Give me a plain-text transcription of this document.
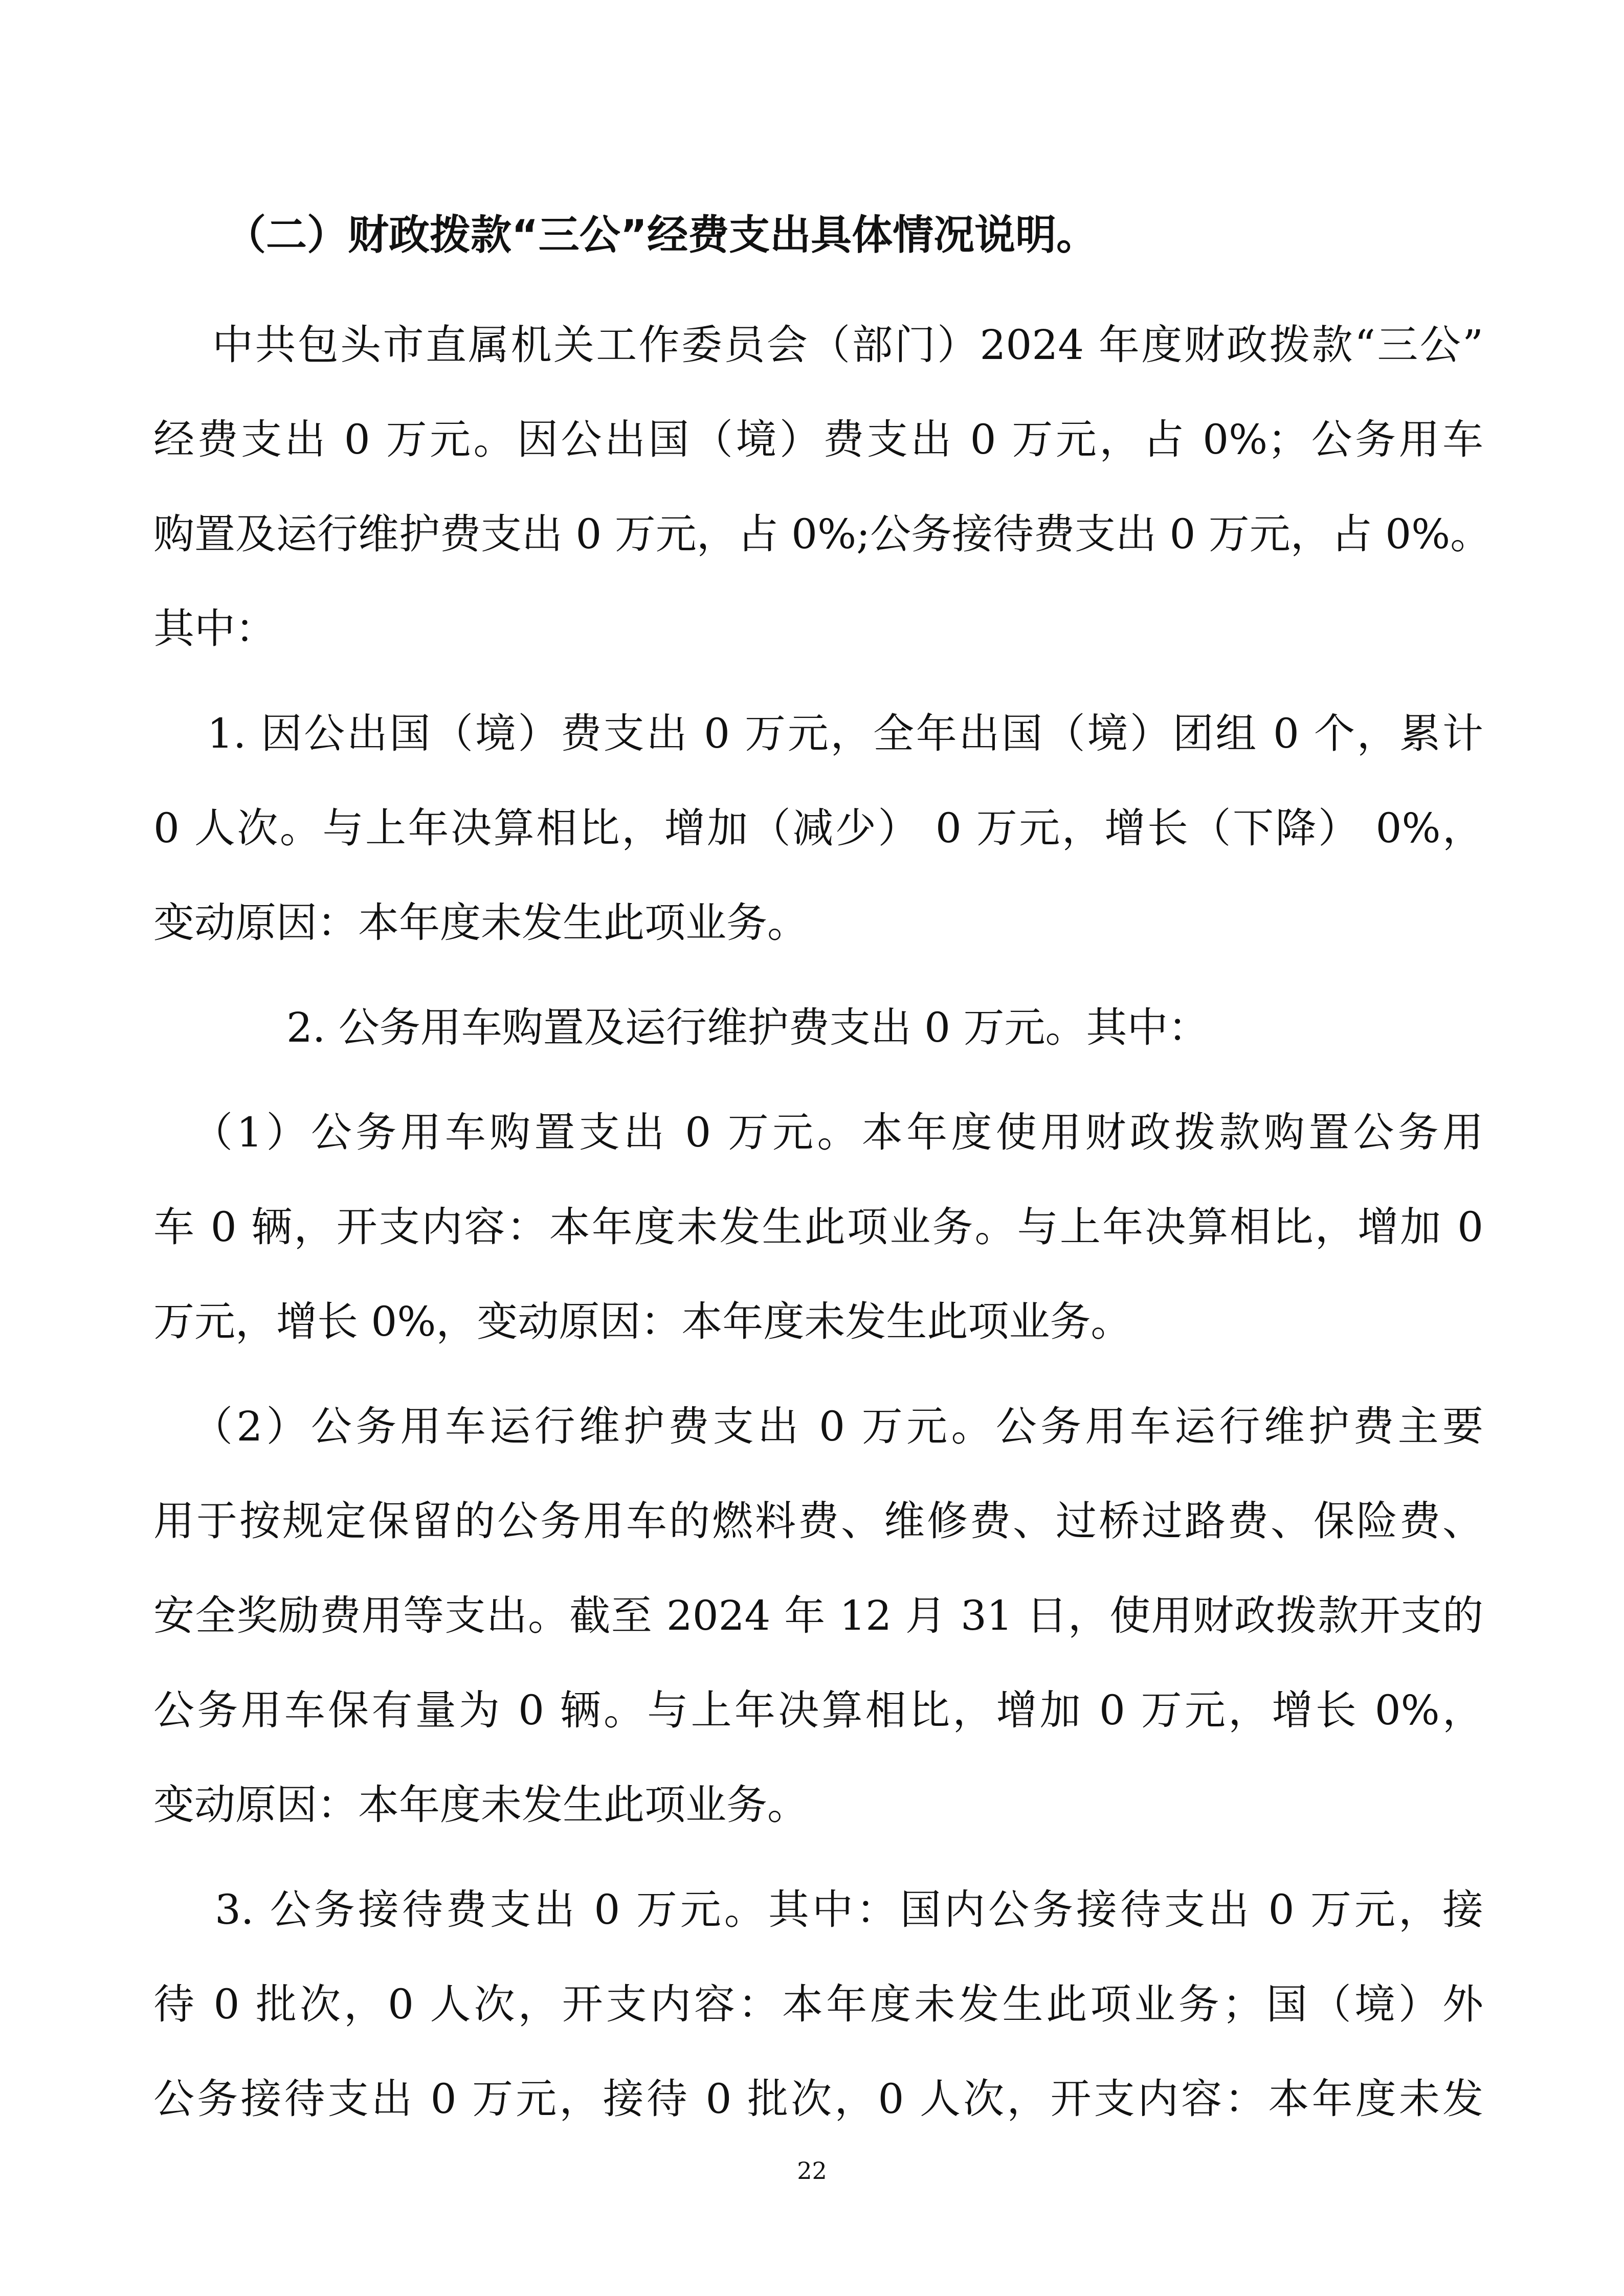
（二）财政拨款“三公”经费支出具体情况说明。

中共包头市直属机关工作委员会（部门）2024 年度财政拨款“三公”

经费支出 0 万元。因公出国（境）费支出 0 万元，占 0%；公务用车

购置及运行维护费支出 0 万元，占 0%;公务接待费支出 0 万元，占 0%。

其中：

1. 因公出国（境）费支出 0 万元，全年出国（境）团组 0 个，累计

0 人次。与上年决算相比，增加（减少） 0 万元，增长（下降） 0%，

变动原因：本年度未发生此项业务。

2. 公务用车购置及运行维护费支出 0 万元。其中：

（1）公务用车购置支出 0 万元。本年度使用财政拨款购置公务用

车 0 辆，开支内容：本年度未发生此项业务。与上年决算相比，增加 0

万元，增长 0%，变动原因：本年度未发生此项业务。

（2）公务用车运行维护费支出 0 万元。公务用车运行维护费主要

用于按规定保留的公务用车的燃料费、维修费、过桥过路费、保险费、

安全奖励费用等支出。截至 2024 年 12 月 31 日，使用财政拨款开支的

公务用车保有量为 0 辆。与上年决算相比，增加 0 万元，增长 0%，

变动原因：本年度未发生此项业务。

3. 公务接待费支出 0 万元。其中：国内公务接待支出 0 万元，接

待 0 批次，0 人次，开支内容：本年度未发生此项业务；国（境）外

公务接待支出 0 万元，接待 0 批次，0 人次，开支内容：本年度未发

22
